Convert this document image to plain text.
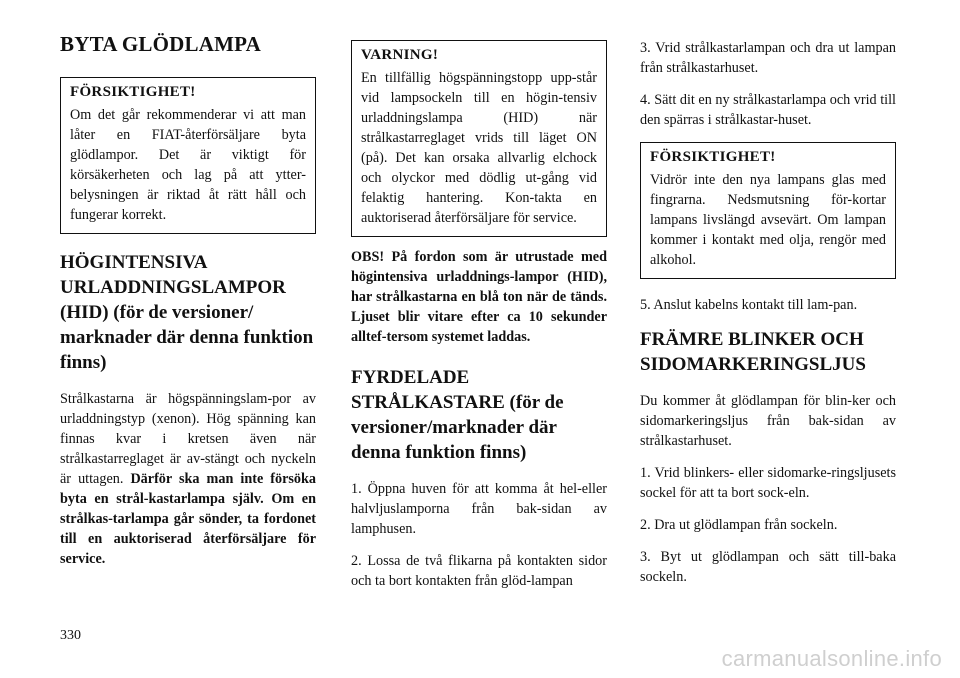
BYTA GLÖDLAMPA
FÖRSIKTIGHET!

Om det går rekommenderar vi att man låter en FIAT-återförsäljare byta glödlampor. Det är viktigt för körsäkerheten och lag på att ytter-belysningen är riktad åt rätt håll och fungerar korrekt.

HÖGINTENSIVA URLADDNINGSLAMPOR (HID) (för de versioner/ marknader där denna funktion finns)

Strålkastarna är högspänningslam-por av urladdningstyp (xenon). Hög spänning kan finnas kvar i kretsen även när strålkastarreglaget är av-stängt och nyckeln är uttagen. Därför ska man inte försöka byta en strål-kastarlampa själv. Om en strålkas-tarlampa går sönder, ta fordonet till en auktoriserad återförsäljare för service.

VARNING!

En tillfällig högspänningstopp upp-står vid lampsockeln till en högin-tensiv urladdningslampa (HID) när strålkastarreglaget vrids till läget ON (på). Det kan orsaka allvarlig elchock och olyckor med dödlig ut-gång vid felaktig hantering. Kon-takta en auktoriserad återförsäljare för service.

OBS! På fordon som är utrustade med högintensiva urladdnings-lampor (HID), har strålkastarna en blå ton när de tänds. Ljuset blir vitare efter ca 10 sekunder alltef-tersom systemet laddas.

FYRDELADE STRÅLKASTARE (för de versioner/marknader där denna funktion finns)

1. Öppna huven för att komma åt hel-eller halvljuslamporna från bak-sidan av lamphusen.

2. Lossa de två flikarna på kontakten sidor och ta bort kontakten från glöd-lampan

3. Vrid strålkastarlampan och dra ut lampan från strålkastarhuset.

4. Sätt dit en ny strålkastarlampa och vrid till den spärras i strålkastar-huset.

FÖRSIKTIGHET!

Vidrör inte den nya lampans glas med fingrarna. Nedsmutsning för-kortar lampans livslängd avsevärt. Om lampan kommer i kontakt med olja, rengör med alkohol.

5. Anslut kabelns kontakt till lam-pan.

FRÄMRE BLINKER OCH SIDOMARKERINGSLJUS

Du kommer åt glödlampan för blin-ker och sidomarkeringsljus från bak-sidan av strålkastarhuset.

1. Vrid blinkers- eller sidomarke-ringsljusets sockel för att ta bort sock-eln.

2. Dra ut glödlampan från sockeln.

3. Byt ut glödlampan och sätt till-baka sockeln.

330
carmanualsonline.info
